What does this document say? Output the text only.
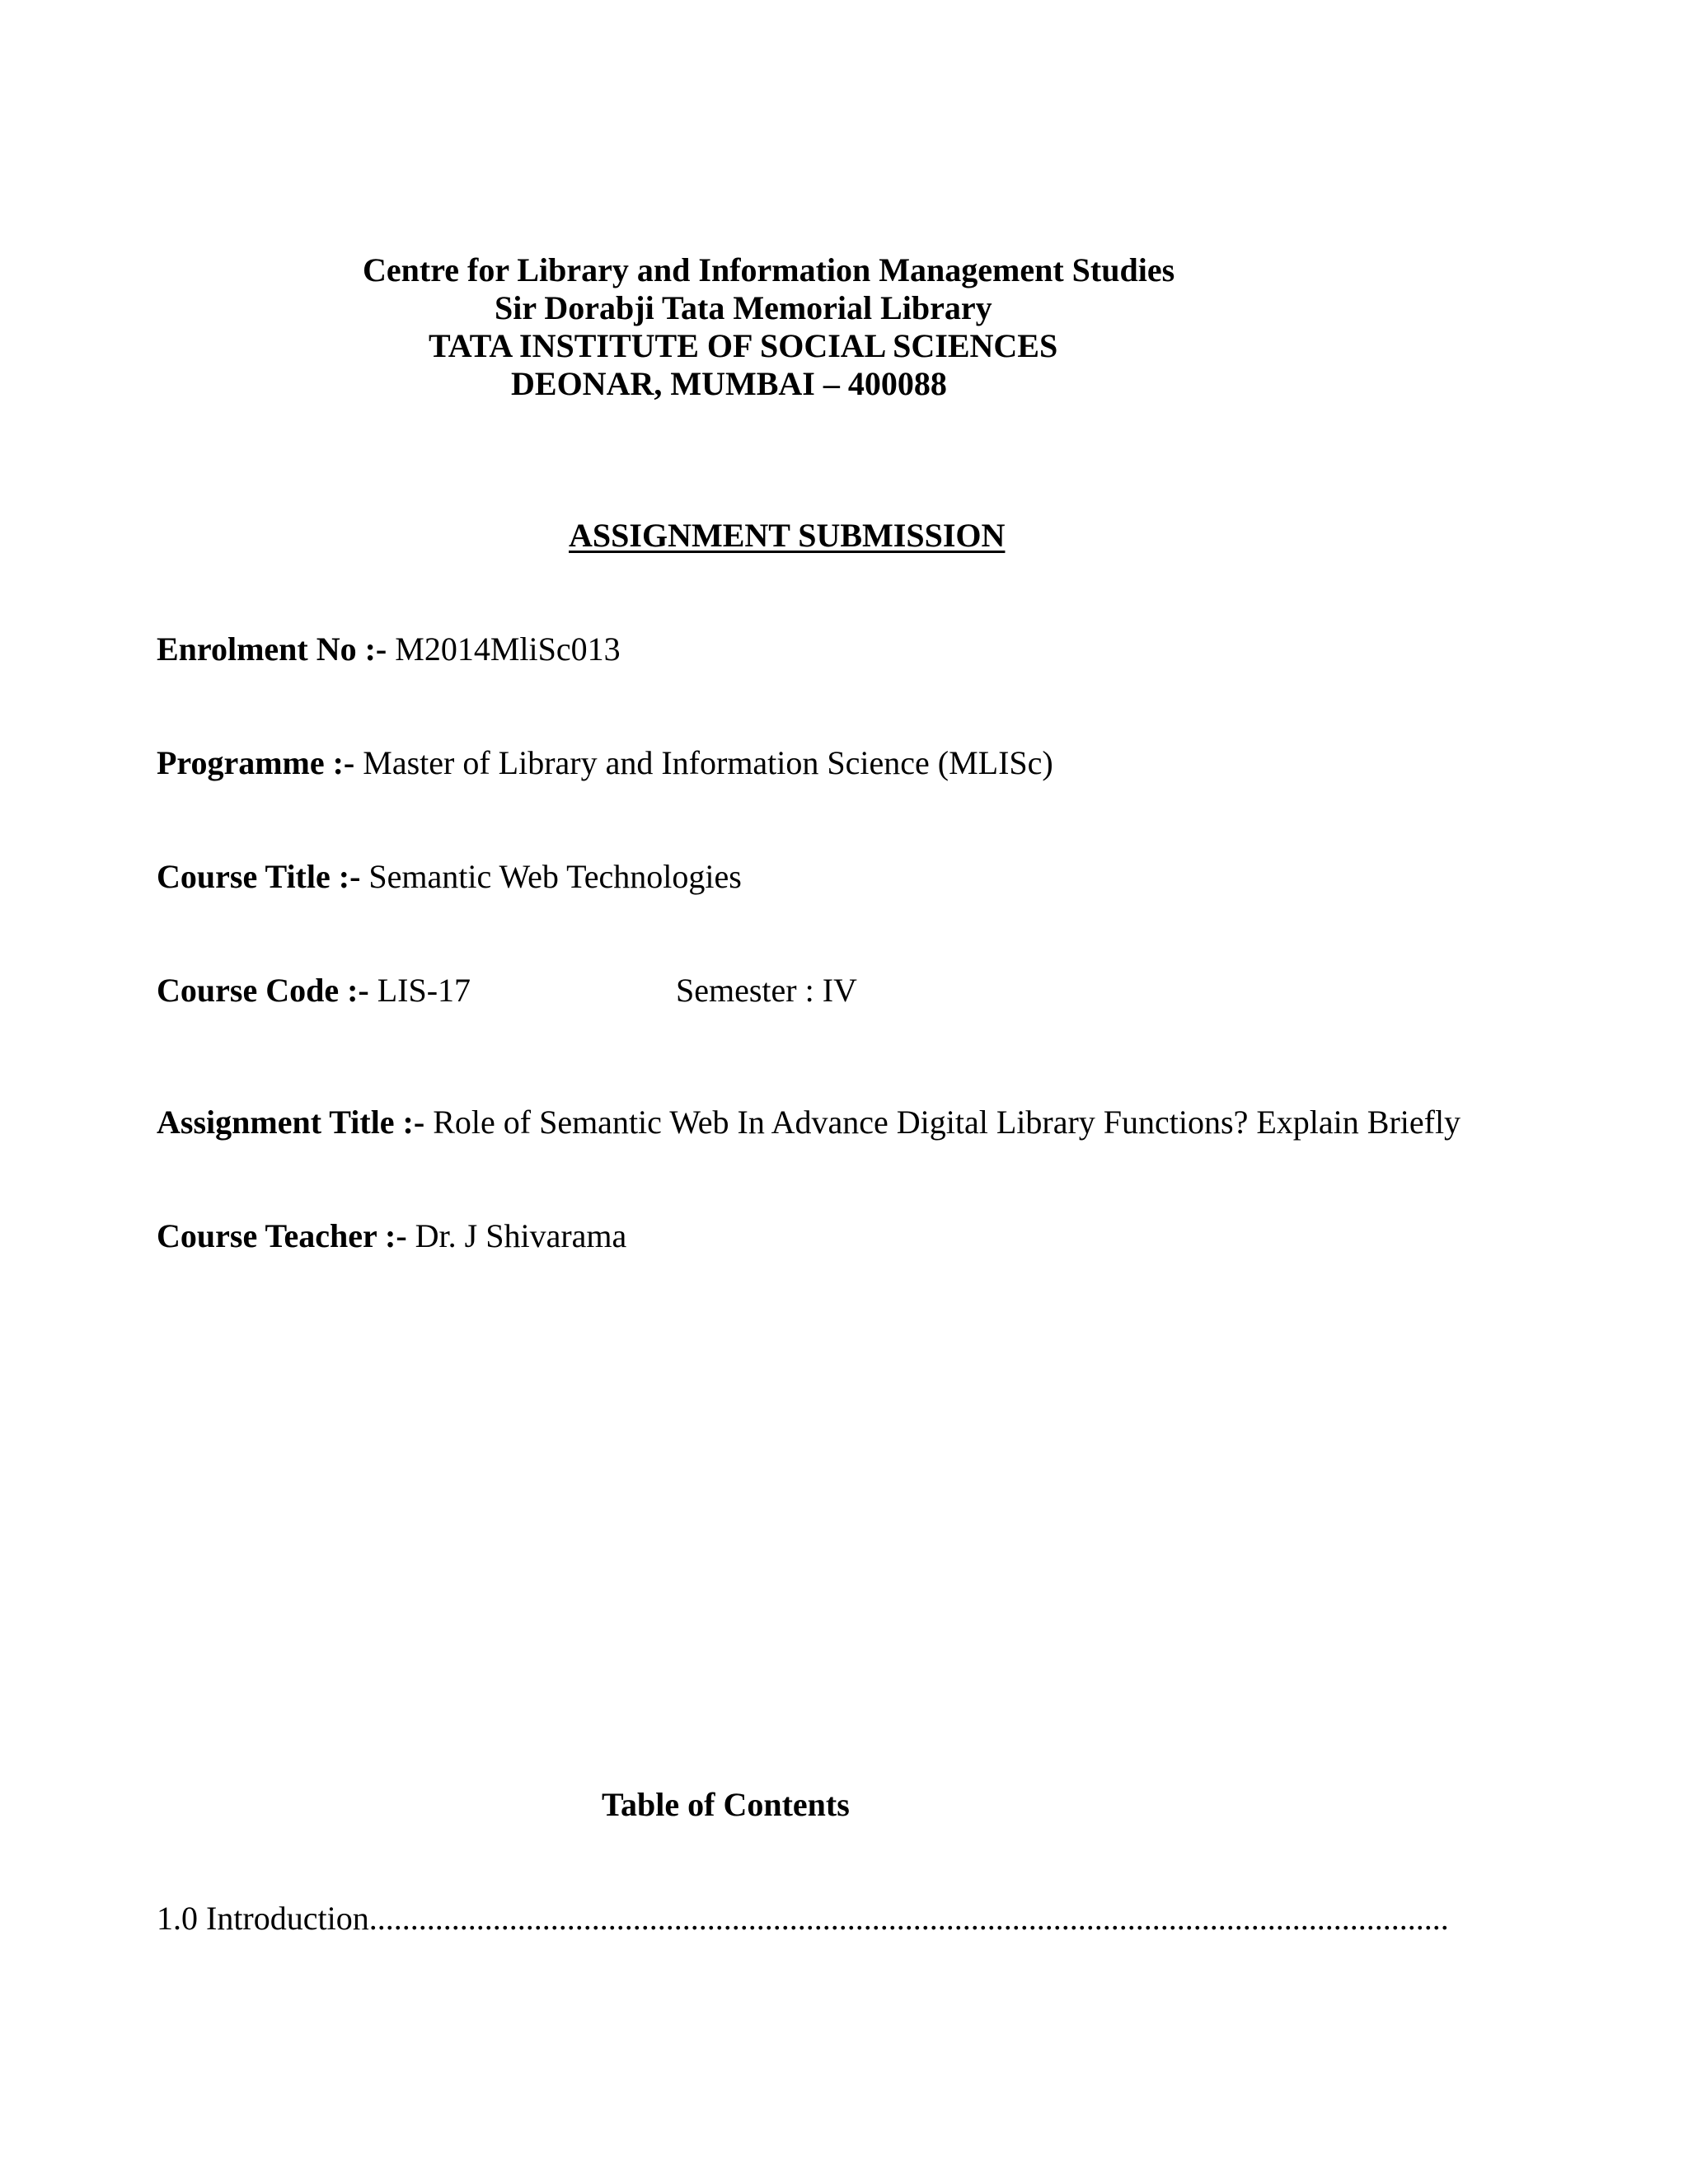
Centre for Library and Information Management Studies
Sir Dorabji Tata Memorial Library
TATA INSTITUTE OF SOCIAL SCIENCES
DEONAR, MUMBAI – 400088
ASSIGNMENT SUBMISSION
Enrolment No :- M2014MliSc013
Programme :- Master of Library and Information Science (MLISc)
Course Title :- Semantic Web Technologies
Course Code :- LIS-17	Semester : IV
Assignment Title :- Role of Semantic Web In Advance Digital Library Functions? Explain Briefly
Course Teacher :- Dr. J Shivarama
Table of Contents
1.0 Introduction...................................................................................................................................
